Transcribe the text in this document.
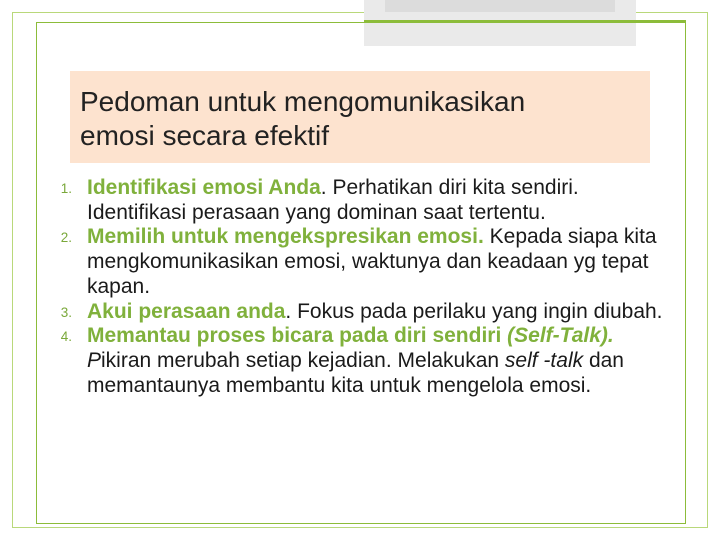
Pedoman untuk mengomunikasikan
emosi secara efektif
1. Identifikasi emosi Anda. Perhatikan diri kita sendiri. Identifikasi perasaan yang dominan saat tertentu.
2. Memilih untuk mengekspresikan emosi. Kepada siapa kita mengkomunikasikan emosi, waktunya dan keadaan yg tepat kapan.
3. Akui perasaan anda. Fokus pada perilaku yang ingin diubah.
4. Memantau proses bicara pada diri sendiri (Self-Talk). Pikiran merubah setiap kejadian. Melakukan self -talk dan memantaunya membantu kita untuk mengelola emosi.
